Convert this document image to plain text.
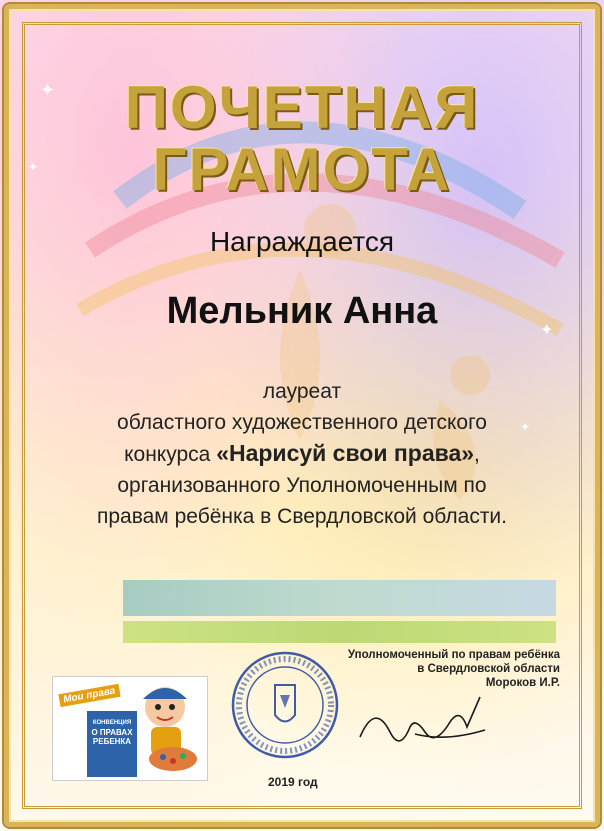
✦
✦
✦
✦
ПОЧЕТНАЯ
ГРАМОТА
Награждается
Мельник Анна
лауреат
областного художественного детского
конкурса «Нарисуй свои права»,
организованного Уполномоченным по
правам ребёнка в Свердловской области.
Уполномоченный по правам ребёнка
в Свердловской области
Мороков И.Р.
2019 год
Мои права
КОНВЕНЦИЯ
О ПРАВАХ
РЕБЕНКА
